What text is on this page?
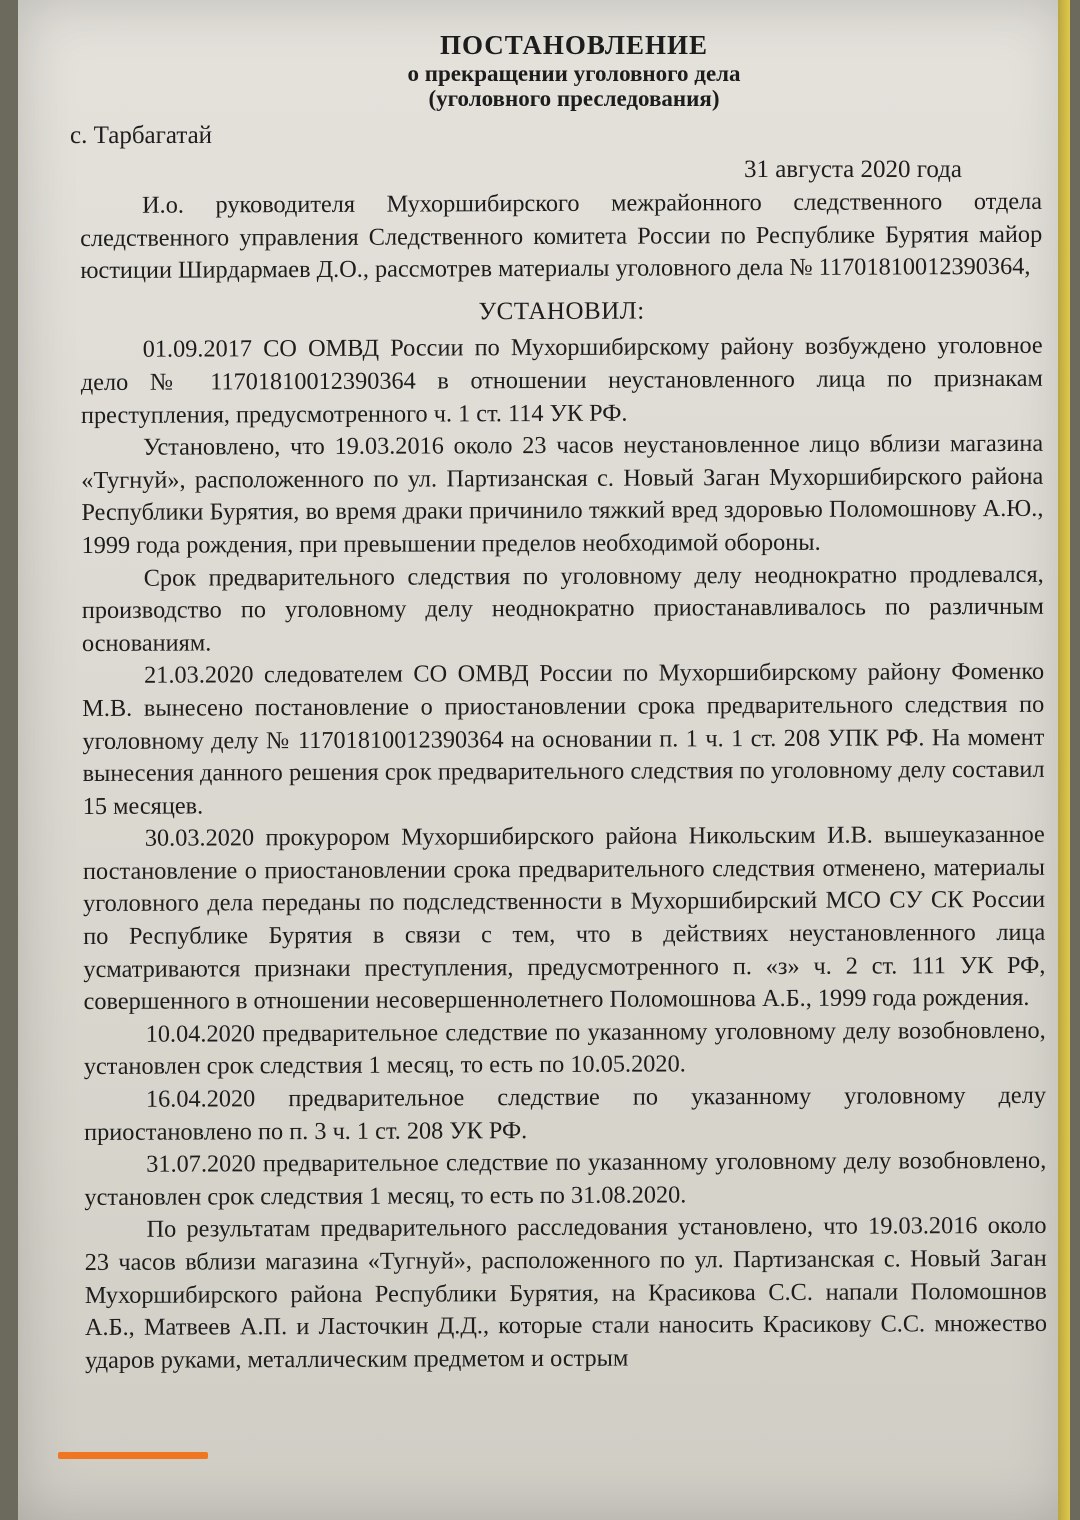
ПОСТАНОВЛЕНИЕ
о прекращении уголовного дела
(уголовного преследования)
с. Тарбагатай
31 августа 2020 года

И.о. руководителя Мухоршибирского межрайонного следственного отдела следственного управления Следственного комитета России по Республике Бурятия майор юстиции Ширдармаев Д.О., рассмотрев материалы уголовного дела № 11701810012390364,

УСТАНОВИЛ:

01.09.2017 СО ОМВД России по Мухоршибирскому району возбуждено уголовное дело № 11701810012390364 в отношении неустановленного лица по признакам преступления, предусмотренного ч. 1 ст. 114 УК РФ.

Установлено, что 19.03.2016 около 23 часов неустановленное лицо вблизи магазина «Тугнуй», расположенного по ул. Партизанская с. Новый Заган Мухоршибирского района Республики Бурятия, во время драки причинило тяжкий вред здоровью Поломошнову А.Ю., 1999 года рождения, при превышении пределов необходимой обороны.

Срок предварительного следствия по уголовному делу неоднократно продлевался, производство по уголовному делу неоднократно приостанавливалось по различным основаниям.

21.03.2020 следователем СО ОМВД России по Мухоршибирскому району Фоменко М.В. вынесено постановление о приостановлении срока предварительного следствия по уголовному делу № 11701810012390364 на основании п. 1 ч. 1 ст. 208 УПК РФ. На момент вынесения данного решения срок предварительного следствия по уголовному делу составил 15 месяцев.

30.03.2020 прокурором Мухоршибирского района Никольским И.В. вышеуказанное постановление о приостановлении срока предварительного следствия отменено, материалы уголовного дела переданы по подследственности в Мухоршибирский МСО СУ СК России по Республике Бурятия в связи с тем, что в действиях неустановленного лица усматриваются признаки преступления, предусмотренного п. «з» ч. 2 ст. 111 УК РФ, совершенного в отношении несовершеннолетнего Поломошнова А.Б., 1999 года рождения.

10.04.2020 предварительное следствие по указанному уголовному делу возобновлено, установлен срок следствия 1 месяц, то есть по 10.05.2020.

16.04.2020 предварительное следствие по указанному уголовному делу приостановлено по п. 3 ч. 1 ст. 208 УК РФ.

31.07.2020 предварительное следствие по указанному уголовному делу возобновлено, установлен срок следствия 1 месяц, то есть по 31.08.2020.

По результатам предварительного расследования установлено, что 19.03.2016 около 23 часов вблизи магазина «Тугнуй», расположенного по ул. Партизанская с. Новый Заган Мухоршибирского района Республики Бурятия, на Красикова С.С. напали Поломошнов А.Б., Матвеев А.П. и Ласточкин Д.Д., которые стали наносить Красикову С.С. множество ударов руками, металлическим предметом и острым
